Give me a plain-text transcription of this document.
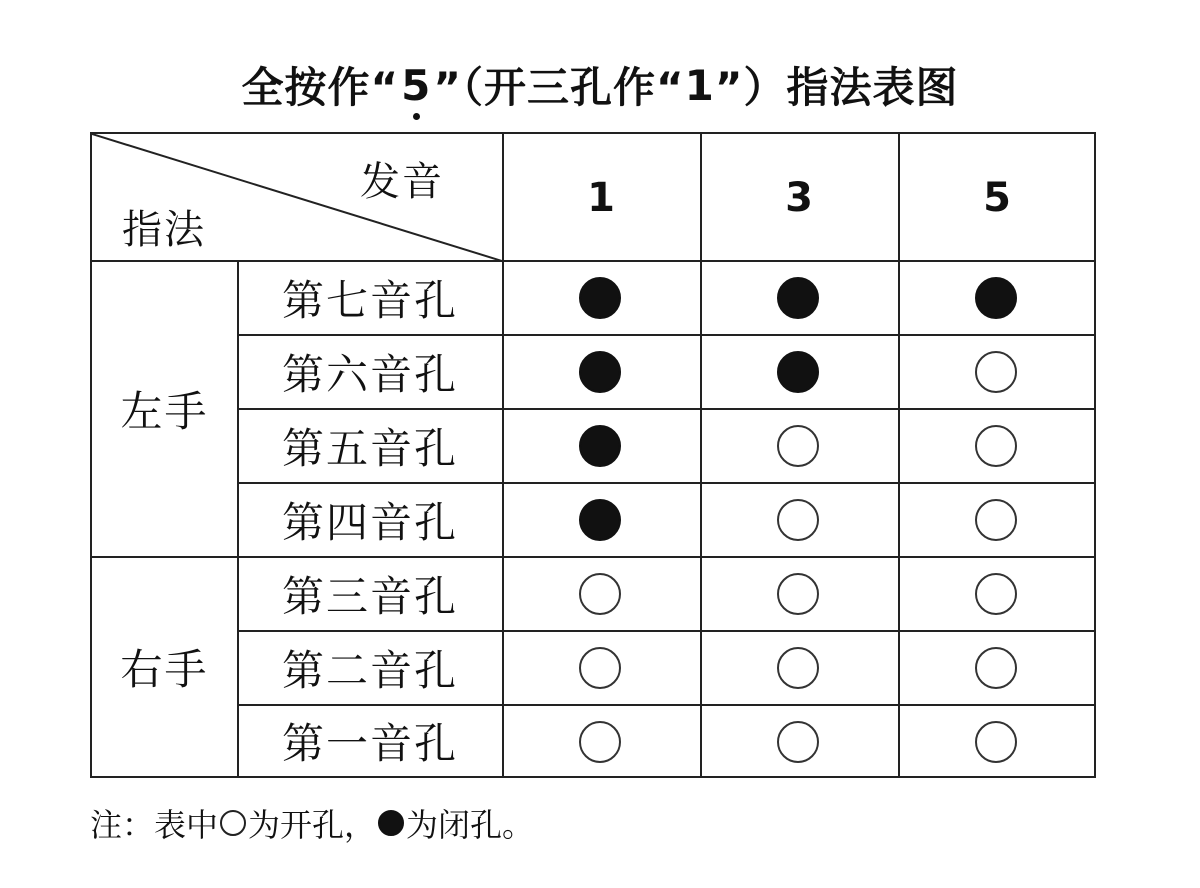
全按作“ 5 ”（开三孔作“ 1 ”）指法表图
发音
指法
1	3	5
左手
右手
第七音孔
第六音孔
第五音孔
第四音孔
第三音孔
第二音孔
第一音孔
注：表中 为开孔， 为闭孔。
